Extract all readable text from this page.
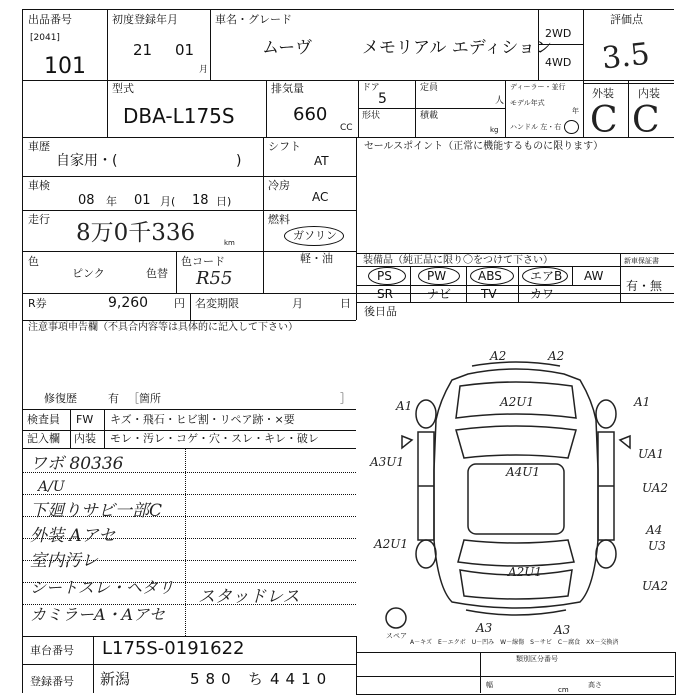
出品番号
[2041]
101
初度登録年月
21 01
月
車名・グレード
ムーヴ	メモリアル エディション
2WD
4WD
評価点
3.5
外装 内装
C C
型式
DBA-L175S
排気量
660
CC
ドア
5
定員
人
形状	積載
kg
ディーラー・並行
モデル年式
年
ハンドル 左・右
車歴
自家用・(	)
シフト
AT
車検
08 年 01 月( 18 日)
冷房
AC
走行
8万0千336	km
燃料
ガソリン
軽・油
色
ピンク	色替
色コード
R55
R券	9,260 円 名変期限	月	日
注意事項申告欄（不具合内容等は具体的に記入して下さい）
修復歴	有 ［箇所	］
セールスポイント（正常に機能するものに限ります）
装備品（純正品に限り〇をつけて下さい）	新車保証書
PS	PW	ABS エアB AW
SR	ナビ TV	カワ
有・無
後日品
検査員
記入欄
FW
内装
キズ・飛石・ヒビ割・リペア跡・×要
モレ・汚レ・コゲ・穴・スレ・キレ・破レ
ワボ 80336
A/U
下廻りサビ一部C
外装 Aアセ
室内汚レ
シートスレ・ヘタリ
カミラーA・Aアセ
スタッドレス
A2	A2
A1	A2U1	A1
A3U1
A4U1
UA1
UA2
A2U1
A4
U3
A2U1
A3	A3
UA2
スペア
車台番号 L175S-0191622
登録番号 新潟	580 ち 4410
A－キズ　E－エクボ　U－凹み　W－線傷　S－サビ　C－腐食　XX－交換済
類別区分番号
幅	高さ
cm
